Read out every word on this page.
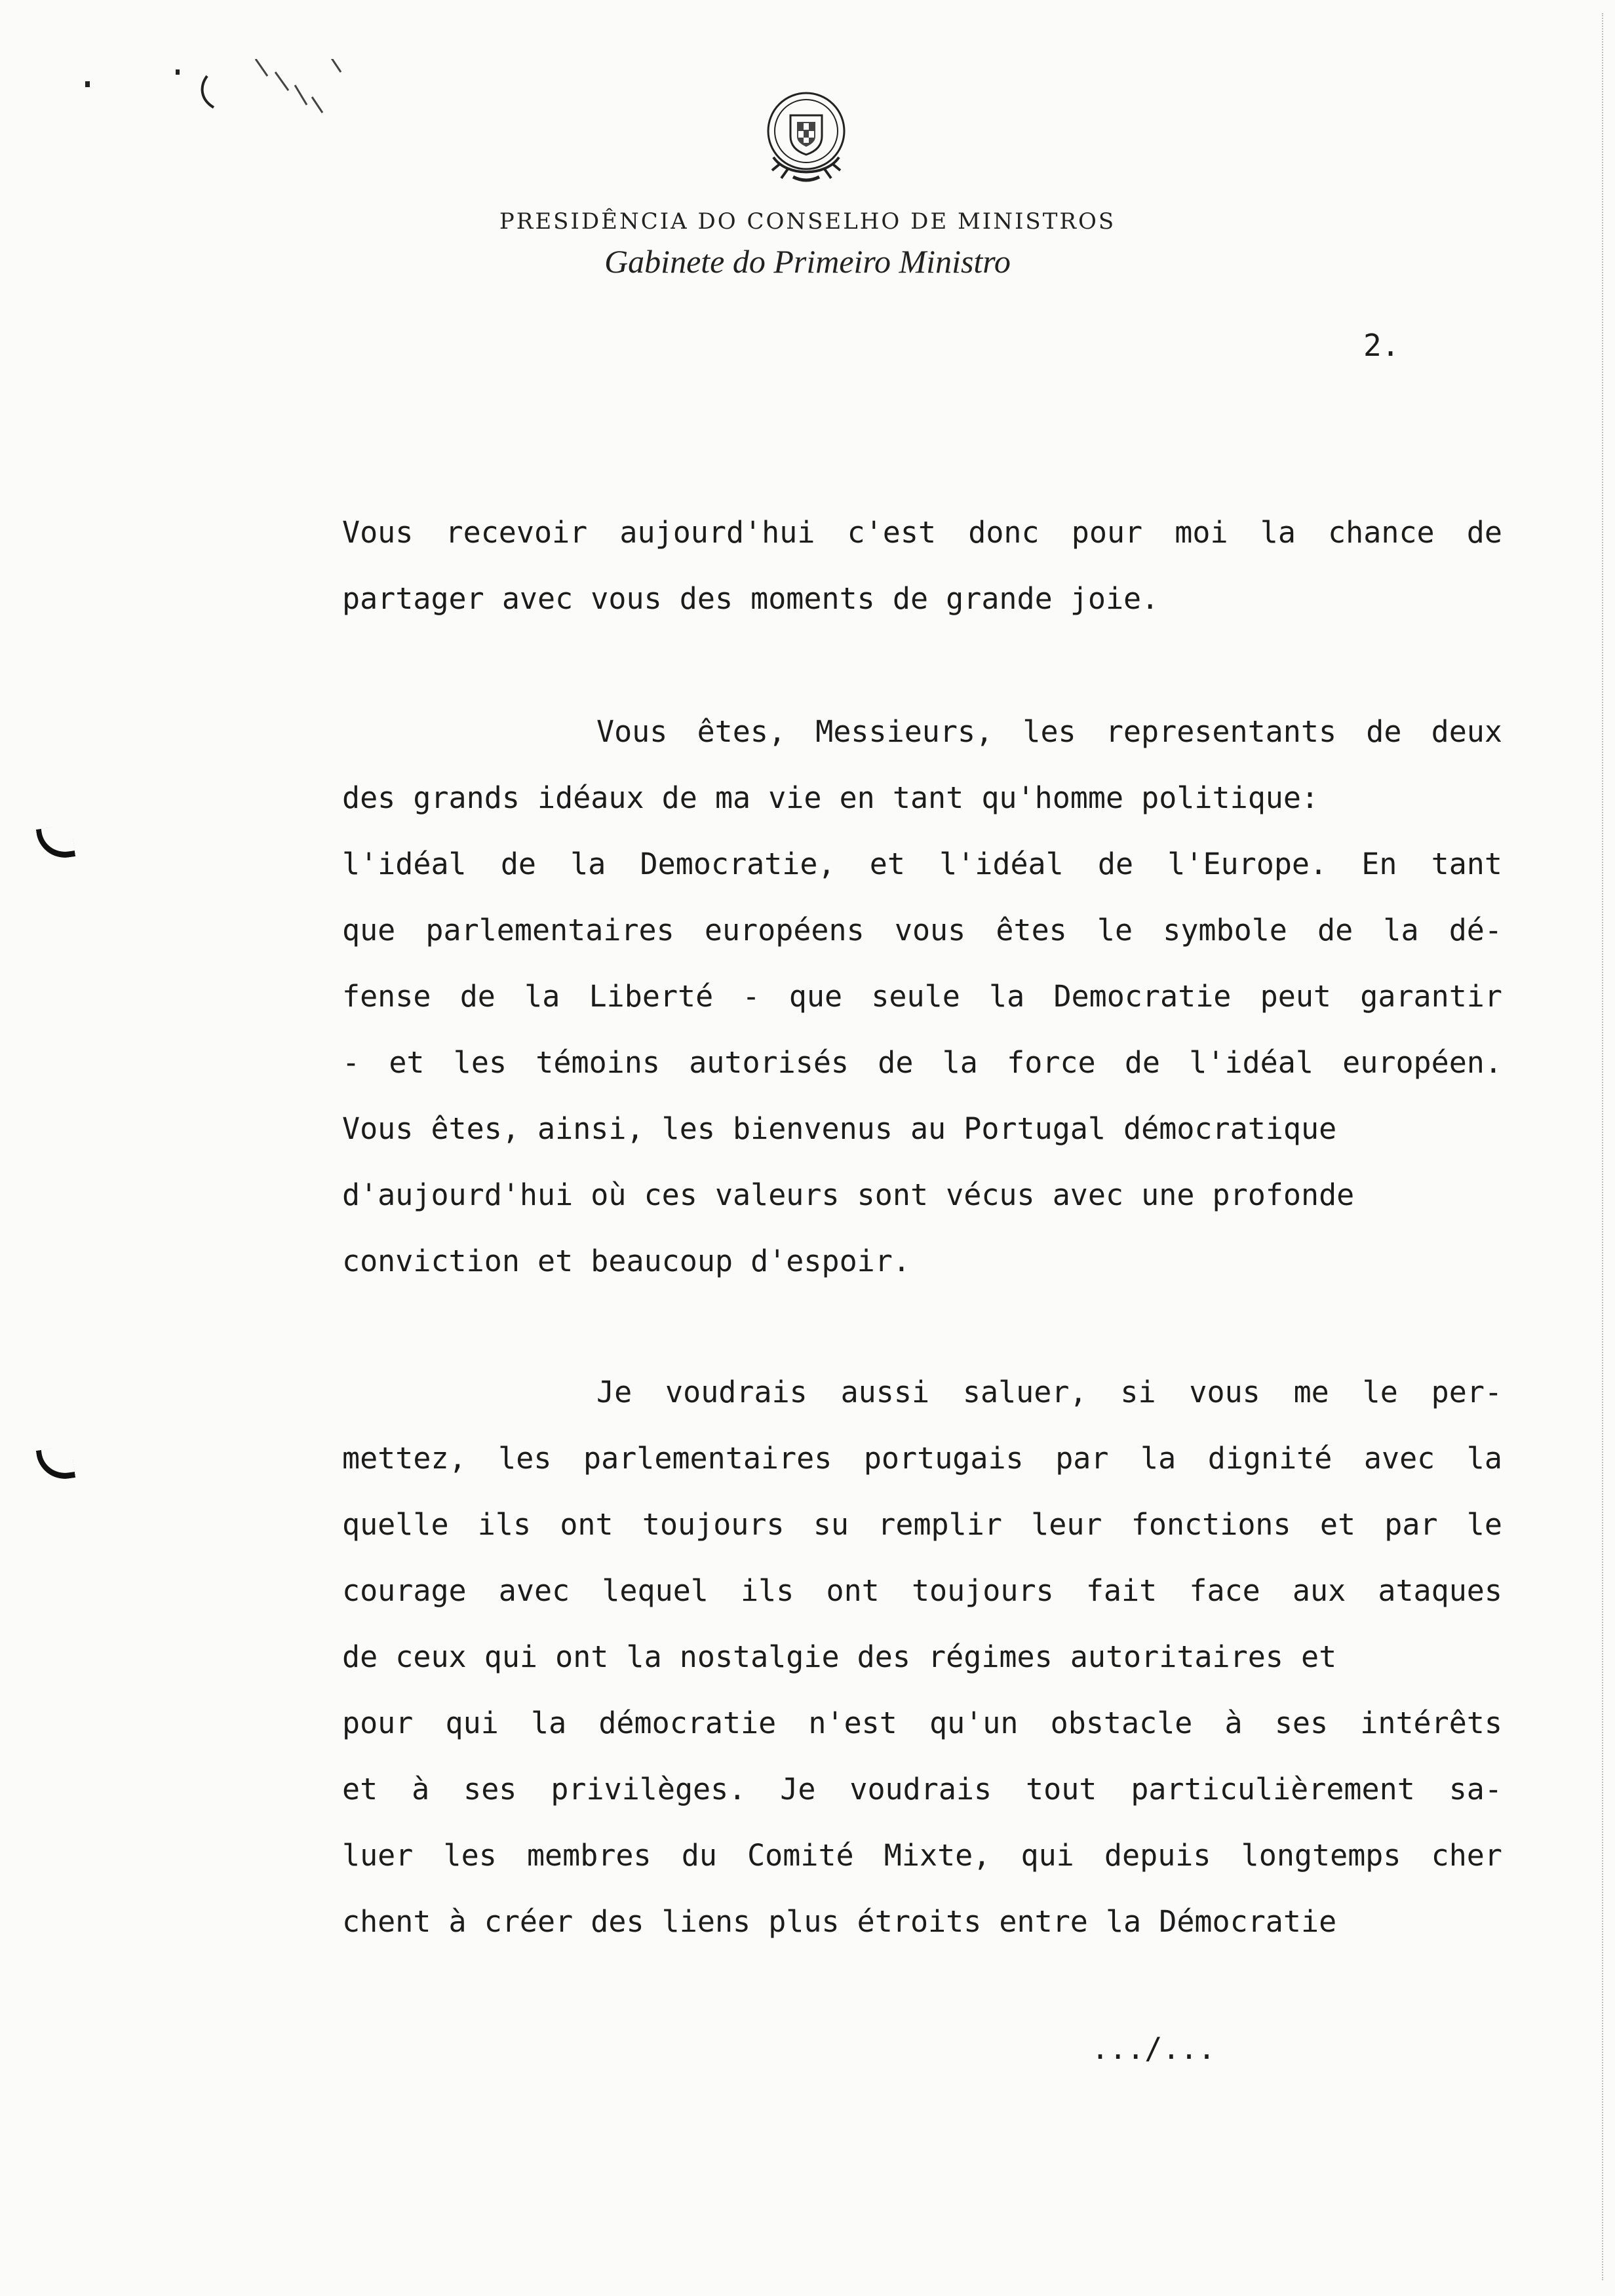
PRESIDÊNCIA DO CONSELHO DE MINISTROS
Gabinete do Primeiro Ministro
2.
Vous recevoir aujourd'hui c'est donc pour moi la chance de
partager avec vous des moments de grande joie.
Vous êtes, Messieurs, les representants de deux
des grands idéaux de ma vie en tant qu'homme politique:
l'idéal de la Democratie, et l'idéal de l'Europe. En tant
que parlementaires européens vous êtes le symbole de la dé-
fense de la Liberté - que seule la Democratie peut garantir
- et les témoins autorisés de la force de l'idéal européen.
Vous êtes, ainsi, les bienvenus au Portugal démocratique
d'aujourd'hui où ces valeurs sont vécus avec une profonde
conviction et beaucoup d'espoir.
Je voudrais aussi saluer, si vous me le per-
mettez, les parlementaires portugais par la dignité avec la
quelle ils ont toujours su remplir leur fonctions et par le
courage avec lequel ils ont toujours fait face aux ataques
de ceux qui ont la nostalgie des régimes autoritaires et
pour qui la démocratie n'est qu'un obstacle à ses intérêts
et à ses privilèges. Je voudrais tout particulièrement sa-
luer les membres du Comité Mixte, qui depuis longtemps cher
chent à créer des liens plus étroits entre la Démocratie
.../...
